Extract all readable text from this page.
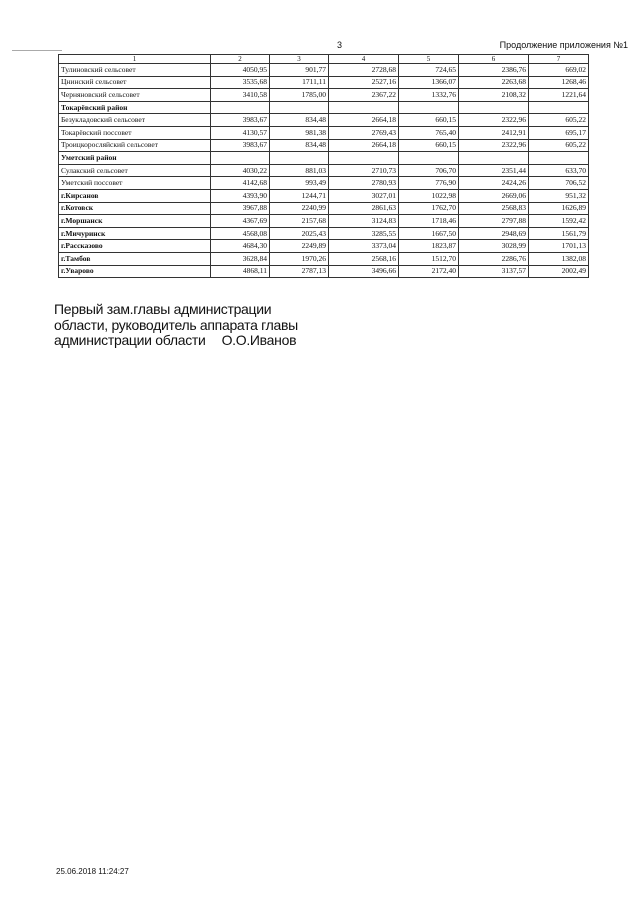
3	Продолжение приложения №1
1	2	3	4	5	6	7
Тулиновский сельсовет	4050,95	901,77	2728,68	724,65	2386,76	669,02
Цнинский сельсовет	3535,68	1711,11	2527,16	1366,07	2263,68	1268,46
Черняновский сельсовет	3410,58	1785,00	2367,22	1332,76	2108,32	1221,64
Токарёвский район						
Безукладовский сельсовет	3983,67	834,48	2664,18	660,15	2322,96	605,22
Токарёвский поссовет	4130,57	981,38	2769,43	765,40	2412,91	695,17
Троицкоросляйский сельсовет	3983,67	834,48	2664,18	660,15	2322,96	605,22
Уметский район						
Сулакский сельсовет	4030,22	881,03	2710,73	706,70	2351,44	633,70
Уметский поссовет	4142,68	993,49	2780,93	776,90	2424,26	706,52
г.Кирсанов	4393,90	1244,71	3027,01	1022,98	2669,06	951,32
г.Котовск	3967,88	2240,99	2861,63	1762,70	2568,83	1626,89
г.Моршанск	4367,69	2157,68	3124,83	1718,46	2797,88	1592,42
г.Мичуринск	4568,08	2025,43	3285,55	1667,50	2948,69	1561,79
г.Рассказово	4684,30	2249,89	3373,04	1823,87	3028,99	1701,13
г.Тамбов	3628,84	1970,26	2568,16	1512,70	2286,76	1382,08
г.Уварово	4868,11	2787,13	3496,66	2172,40	3137,57	2002,49
Первый зам.главы администрации
области, руководитель аппарата главы
администрации области О.О.Иванов
25.06.2018 11:24:27
